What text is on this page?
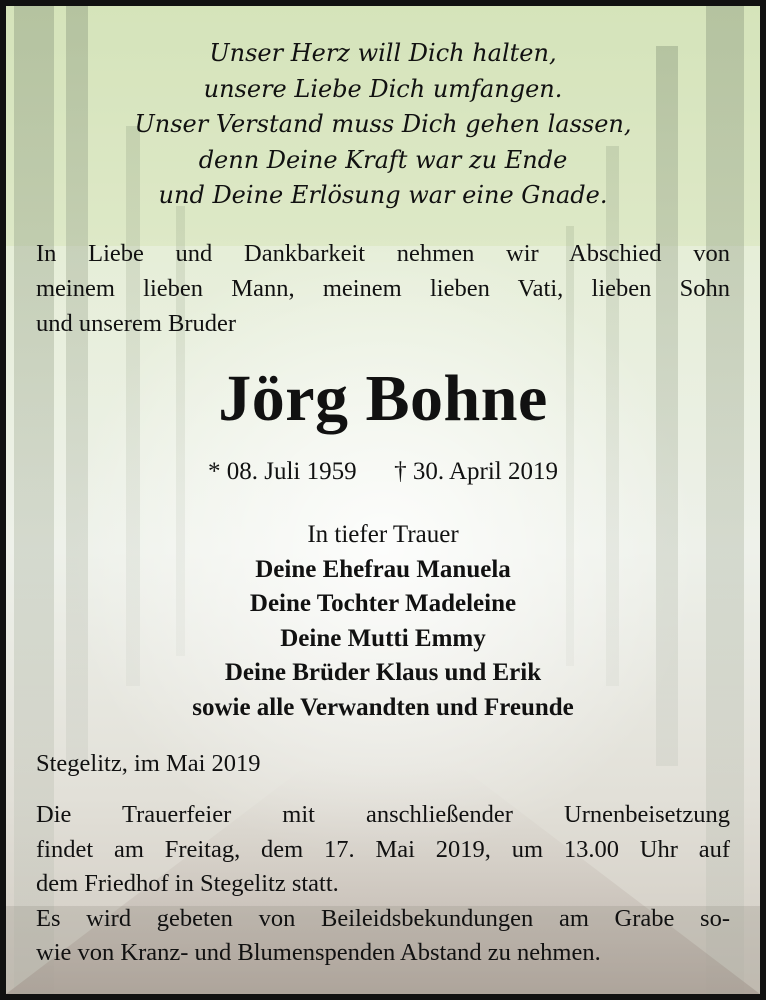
Unser Herz will Dich halten,
unsere Liebe Dich umfangen.
Unser Verstand muss Dich gehen lassen,
denn Deine Kraft war zu Ende
und Deine Erlösung war eine Gnade.
In Liebe und Dankbarkeit nehmen wir Abschied von
meinem lieben Mann, meinem lieben Vati, lieben Sohn
und unserem Bruder
Jörg Bohne
* 08. Juli 1959 † 30. April 2019
In tiefer Trauer
Deine Ehefrau Manuela
Deine Tochter Madeleine
Deine Mutti Emmy
Deine Brüder Klaus und Erik
sowie alle Verwandten und Freunde
Stegelitz, im Mai 2019
Die Trauerfeier mit anschließender Urnenbeisetzung
findet am Freitag, dem 17. Mai 2019, um 13.00 Uhr auf
dem Friedhof in Stegelitz statt.
Es wird gebeten von Beileidsbekundungen am Grabe so-
wie von Kranz- und Blumenspenden Abstand zu nehmen.
